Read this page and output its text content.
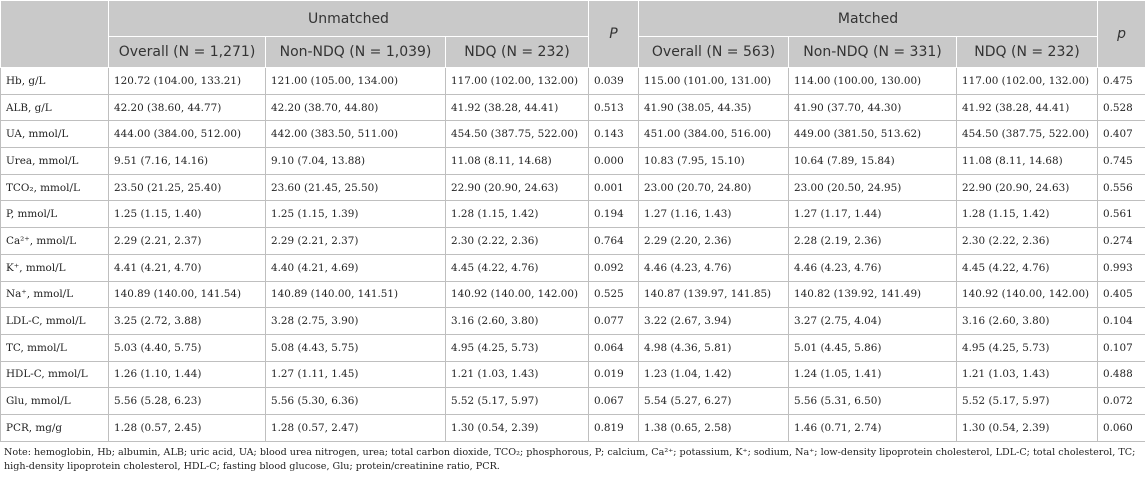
	Unmatched			P	Matched			p
	Overall (N = 1,271)	Non-NDQ (N = 1,039)	NDQ (N = 232)		Overall (N = 563)	Non-NDQ (N = 331)	NDQ (N = 232)	
Hb, g/L	120.72 (104.00, 133.21)	121.00 (105.00, 134.00)	117.00 (102.00, 132.00)	0.039	115.00 (101.00, 131.00)	114.00 (100.00, 130.00)	117.00 (102.00, 132.00)	0.475
ALB, g/L	42.20 (38.60, 44.77)	42.20 (38.70, 44.80)	41.92 (38.28, 44.41)	0.513	41.90 (38.05, 44.35)	41.90 (37.70, 44.30)	41.92 (38.28, 44.41)	0.528
UA, mmol/L	444.00 (384.00, 512.00)	442.00 (383.50, 511.00)	454.50 (387.75, 522.00)	0.143	451.00 (384.00, 516.00)	449.00 (381.50, 513.62)	454.50 (387.75, 522.00)	0.407
Urea, mmol/L	9.51 (7.16, 14.16)	9.10 (7.04, 13.88)	11.08 (8.11, 14.68)	0.000	10.83 (7.95, 15.10)	10.64 (7.89, 15.84)	11.08 (8.11, 14.68)	0.745
TCO₂, mmol/L	23.50 (21.25, 25.40)	23.60 (21.45, 25.50)	22.90 (20.90, 24.63)	0.001	23.00 (20.70, 24.80)	23.00 (20.50, 24.95)	22.90 (20.90, 24.63)	0.556
P, mmol/L	1.25 (1.15, 1.40)	1.25 (1.15, 1.39)	1.28 (1.15, 1.42)	0.194	1.27 (1.16, 1.43)	1.27 (1.17, 1.44)	1.28 (1.15, 1.42)	0.561
Ca²⁺, mmol/L	2.29 (2.21, 2.37)	2.29 (2.21, 2.37)	2.30 (2.22, 2.36)	0.764	2.29 (2.20, 2.36)	2.28 (2.19, 2.36)	2.30 (2.22, 2.36)	0.274
K⁺, mmol/L	4.41 (4.21, 4.70)	4.40 (4.21, 4.69)	4.45 (4.22, 4.76)	0.092	4.46 (4.23, 4.76)	4.46 (4.23, 4.76)	4.45 (4.22, 4.76)	0.993
Na⁺, mmol/L	140.89 (140.00, 141.54)	140.89 (140.00, 141.51)	140.92 (140.00, 142.00)	0.525	140.87 (139.97, 141.85)	140.82 (139.92, 141.49)	140.92 (140.00, 142.00)	0.405
LDL-C, mmol/L	3.25 (2.72, 3.88)	3.28 (2.75, 3.90)	3.16 (2.60, 3.80)	0.077	3.22 (2.67, 3.94)	3.27 (2.75, 4.04)	3.16 (2.60, 3.80)	0.104
TC, mmol/L	5.03 (4.40, 5.75)	5.08 (4.43, 5.75)	4.95 (4.25, 5.73)	0.064	4.98 (4.36, 5.81)	5.01 (4.45, 5.86)	4.95 (4.25, 5.73)	0.107
HDL-C, mmol/L	1.26 (1.10, 1.44)	1.27 (1.11, 1.45)	1.21 (1.03, 1.43)	0.019	1.23 (1.04, 1.42)	1.24 (1.05, 1.41)	1.21 (1.03, 1.43)	0.488
Glu, mmol/L	5.56 (5.28, 6.23)	5.56 (5.30, 6.36)	5.52 (5.17, 5.97)	0.067	5.54 (5.27, 6.27)	5.56 (5.31, 6.50)	5.52 (5.17, 5.97)	0.072
PCR, mg/g	1.28 (0.57, 2.45)	1.28 (0.57, 2.47)	1.30 (0.54, 2.39)	0.819	1.38 (0.65, 2.58)	1.46 (0.71, 2.74)	1.30 (0.54, 2.39)	0.060
Note: hemoglobin, Hb; albumin, ALB; uric acid, UA; blood urea nitrogen, urea; total carbon dioxide, TCO₂; phosphorous, P; calcium, Ca²⁺; potassium, K⁺; sodium, Na⁺; low-density lipoprotein cholesterol, LDL-C; total cholesterol, TC; high-density lipoprotein cholesterol, HDL-C; fasting blood glucose, Glu; protein/creatinine ratio, PCR.
